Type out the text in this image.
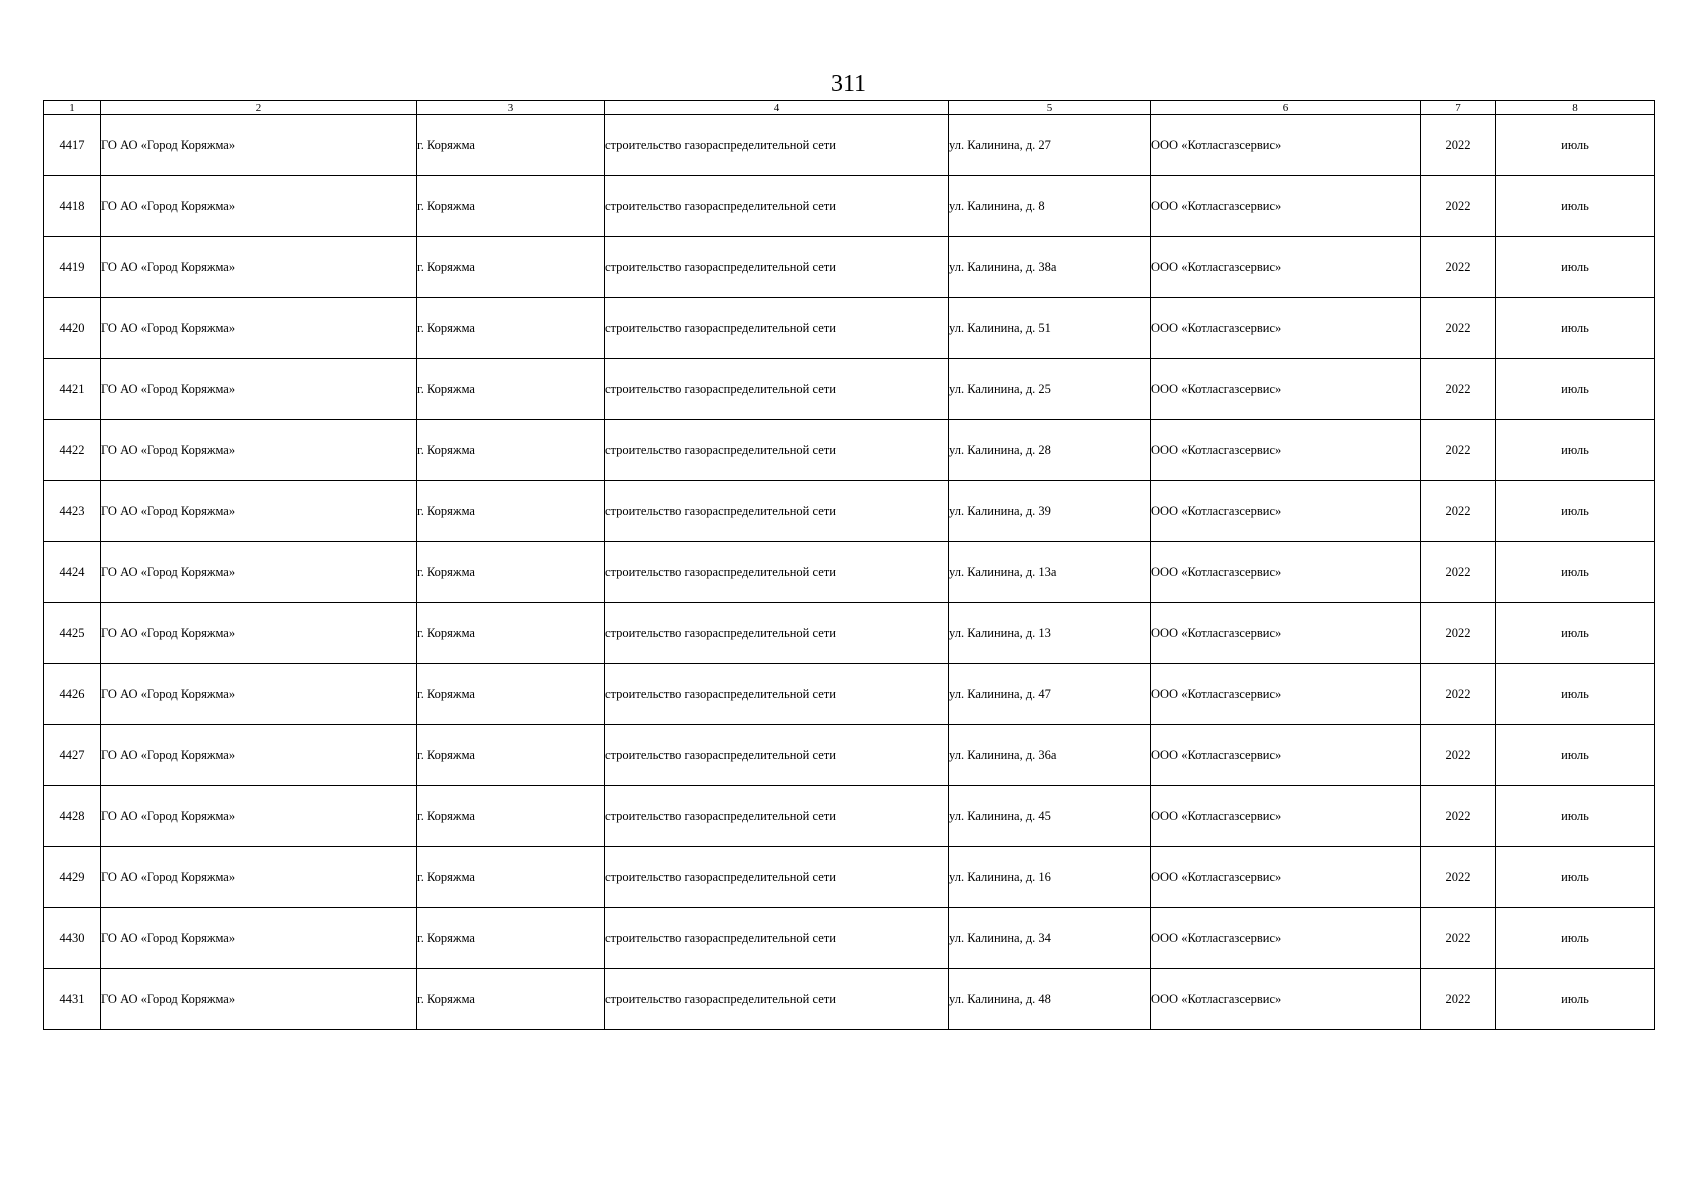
311
1	2	3	4	5	6	7	8
4417	ГО АО «Город Коряжма»	г. Коряжма	строительство газораспределительной сети	ул. Калинина, д. 27	ООО «Котласгазсервис»	2022	июль
4418	ГО АО «Город Коряжма»	г. Коряжма	строительство газораспределительной сети	ул. Калинина, д. 8	ООО «Котласгазсервис»	2022	июль
4419	ГО АО «Город Коряжма»	г. Коряжма	строительство газораспределительной сети	ул. Калинина, д. 38а	ООО «Котласгазсервис»	2022	июль
4420	ГО АО «Город Коряжма»	г. Коряжма	строительство газораспределительной сети	ул. Калинина, д. 51	ООО «Котласгазсервис»	2022	июль
4421	ГО АО «Город Коряжма»	г. Коряжма	строительство газораспределительной сети	ул. Калинина, д. 25	ООО «Котласгазсервис»	2022	июль
4422	ГО АО «Город Коряжма»	г. Коряжма	строительство газораспределительной сети	ул. Калинина, д. 28	ООО «Котласгазсервис»	2022	июль
4423	ГО АО «Город Коряжма»	г. Коряжма	строительство газораспределительной сети	ул. Калинина, д. 39	ООО «Котласгазсервис»	2022	июль
4424	ГО АО «Город Коряжма»	г. Коряжма	строительство газораспределительной сети	ул. Калинина, д. 13а	ООО «Котласгазсервис»	2022	июль
4425	ГО АО «Город Коряжма»	г. Коряжма	строительство газораспределительной сети	ул. Калинина, д. 13	ООО «Котласгазсервис»	2022	июль
4426	ГО АО «Город Коряжма»	г. Коряжма	строительство газораспределительной сети	ул. Калинина, д. 47	ООО «Котласгазсервис»	2022	июль
4427	ГО АО «Город Коряжма»	г. Коряжма	строительство газораспределительной сети	ул. Калинина, д. 36а	ООО «Котласгазсервис»	2022	июль
4428	ГО АО «Город Коряжма»	г. Коряжма	строительство газораспределительной сети	ул. Калинина, д. 45	ООО «Котласгазсервис»	2022	июль
4429	ГО АО «Город Коряжма»	г. Коряжма	строительство газораспределительной сети	ул. Калинина, д. 16	ООО «Котласгазсервис»	2022	июль
4430	ГО АО «Город Коряжма»	г. Коряжма	строительство газораспределительной сети	ул. Калинина, д. 34	ООО «Котласгазсервис»	2022	июль
4431	ГО АО «Город Коряжма»	г. Коряжма	строительство газораспределительной сети	ул. Калинина, д. 48	ООО «Котласгазсервис»	2022	июль
